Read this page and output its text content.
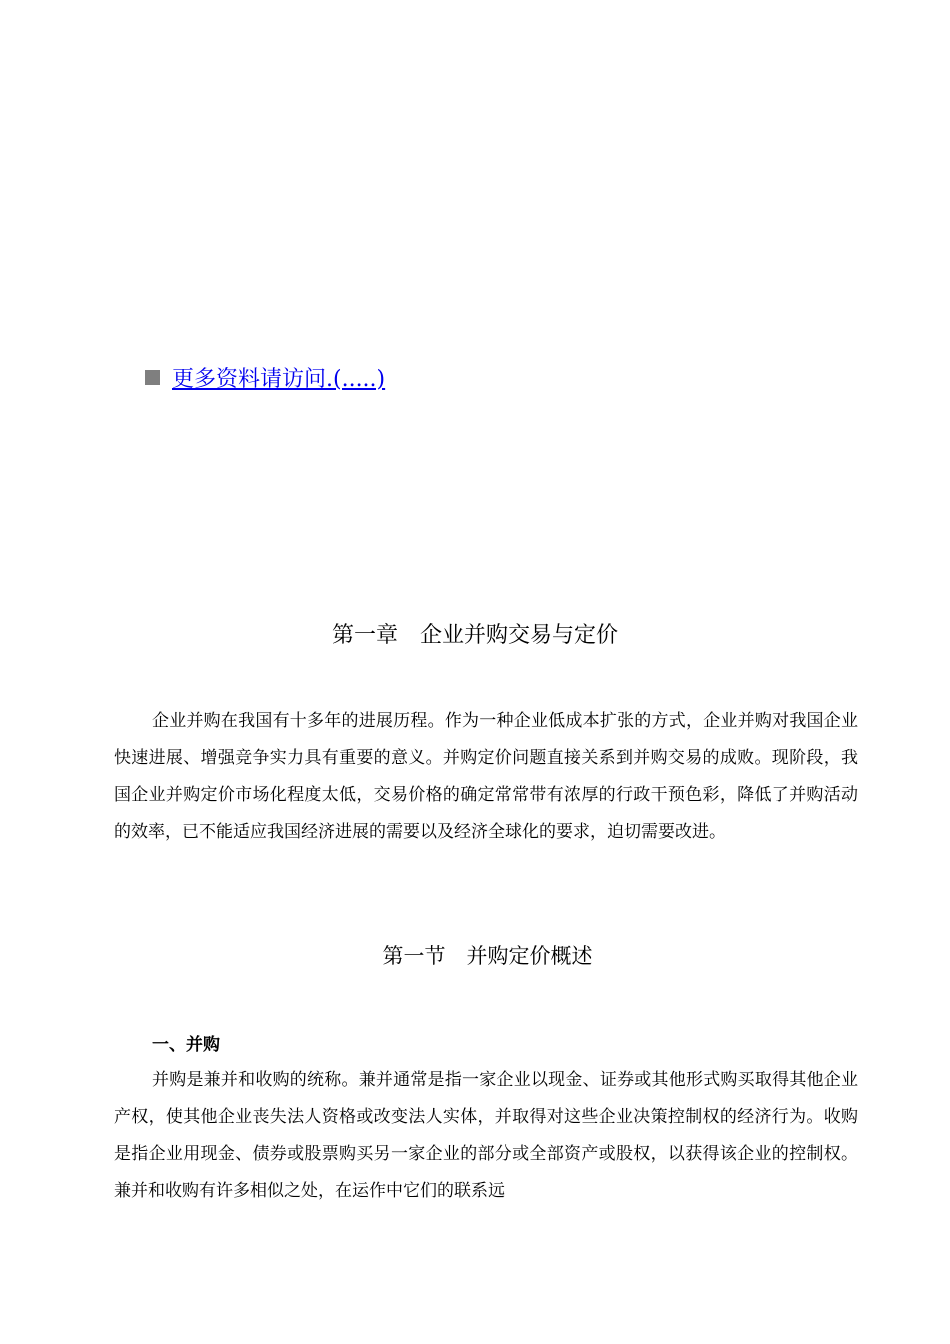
更多资料请访问.(.....)
第一章　企业并购交易与定价

企业并购在我国有十多年的进展历程。作为一种企业低成本扩张的方式，企业并购对我国企业快速进展、增强竞争实力具有重要的意义。并购定价问题直接关系到并购交易的成败。现阶段，我国企业并购定价市场化程度太低，交易价格的确定常常带有浓厚的行政干预色彩，降低了并购活动的效率，已不能适应我国经济进展的需要以及经济全球化的要求，迫切需要改进。

第一节　并购定价概述
一、并购

并购是兼并和收购的统称。兼并通常是指一家企业以现金、证券或其他形式购买取得其他企业产权，使其他企业丧失法人资格或改变法人实体，并取得对这些企业决策控制权的经济行为。收购是指企业用现金、债券或股票购买另一家企业的部分或全部资产或股权，以获得该企业的控制权。兼并和收购有许多相似之处，在运作中它们的联系远
